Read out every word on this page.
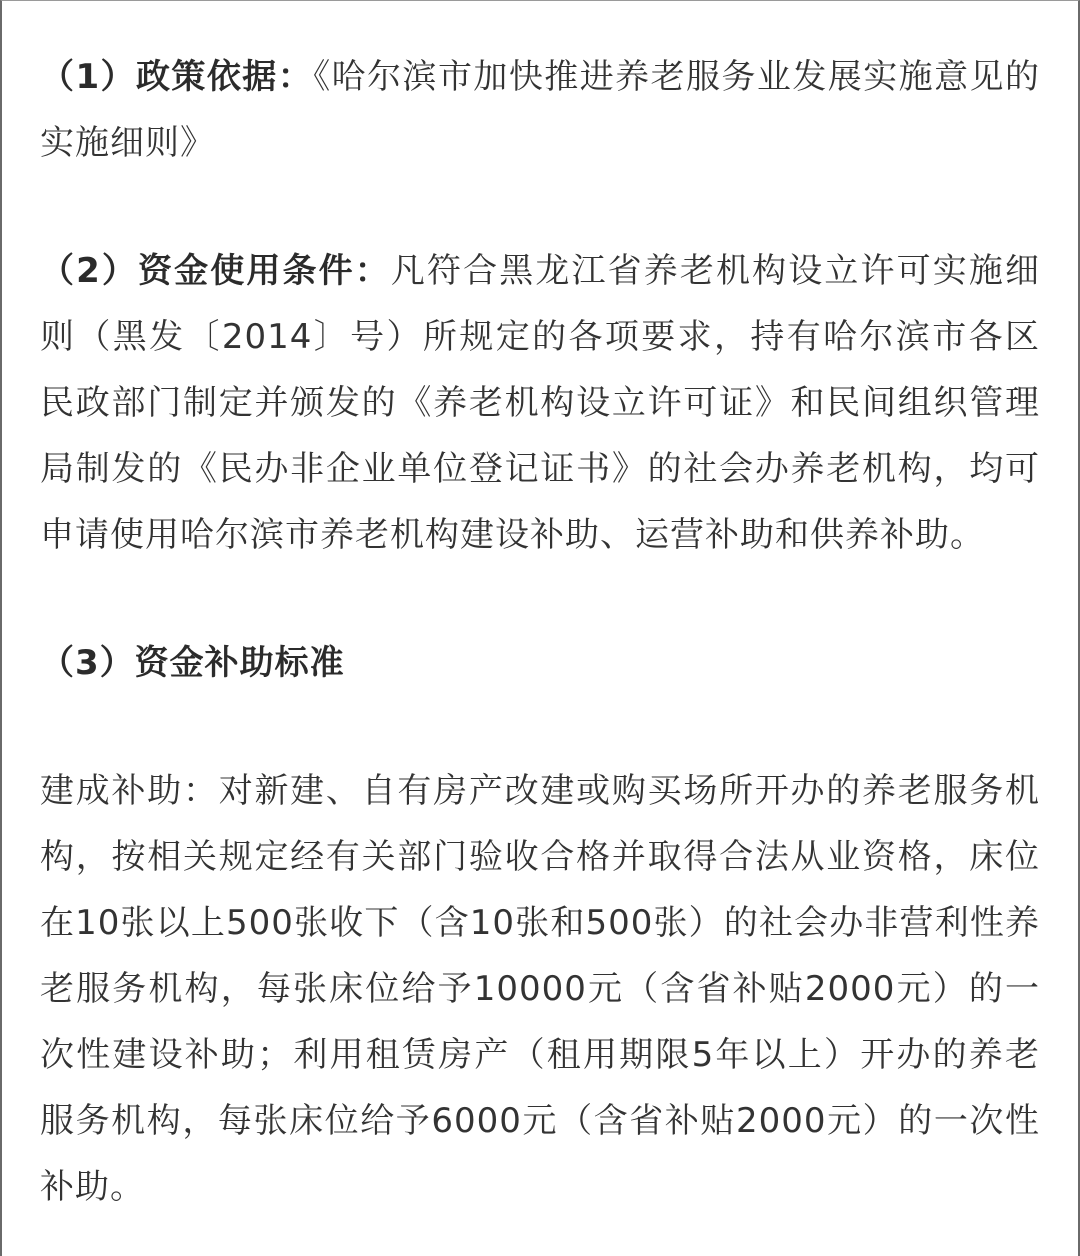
（1）政策依据：《哈尔滨市加快推进养老服务业发展实施意见的实施细则》

（2）资金使用条件：凡符合黑龙江省养老机构设立许可实施细则（黑发〔2014〕号）所规定的各项要求，持有哈尔滨市各区民政部门制定并颁发的《养老机构设立许可证》和民间组织管理局制发的《民办非企业单位登记证书》的社会办养老机构，均可申请使用哈尔滨市养老机构建设补助、运营补助和供养补助。

（3）资金补助标准

建成补助：对新建、自有房产改建或购买场所开办的养老服务机构，按相关规定经有关部门验收合格并取得合法从业资格，床位在10张以上500张收下（含10张和500张）的社会办非营利性养老服务机构，每张床位给予10000元（含省补贴2000元）的一次性建设补助；利用租赁房产（租用期限5年以上）开办的养老服务机构，每张床位给予6000元（含省补贴2000元）的一次性补助。
